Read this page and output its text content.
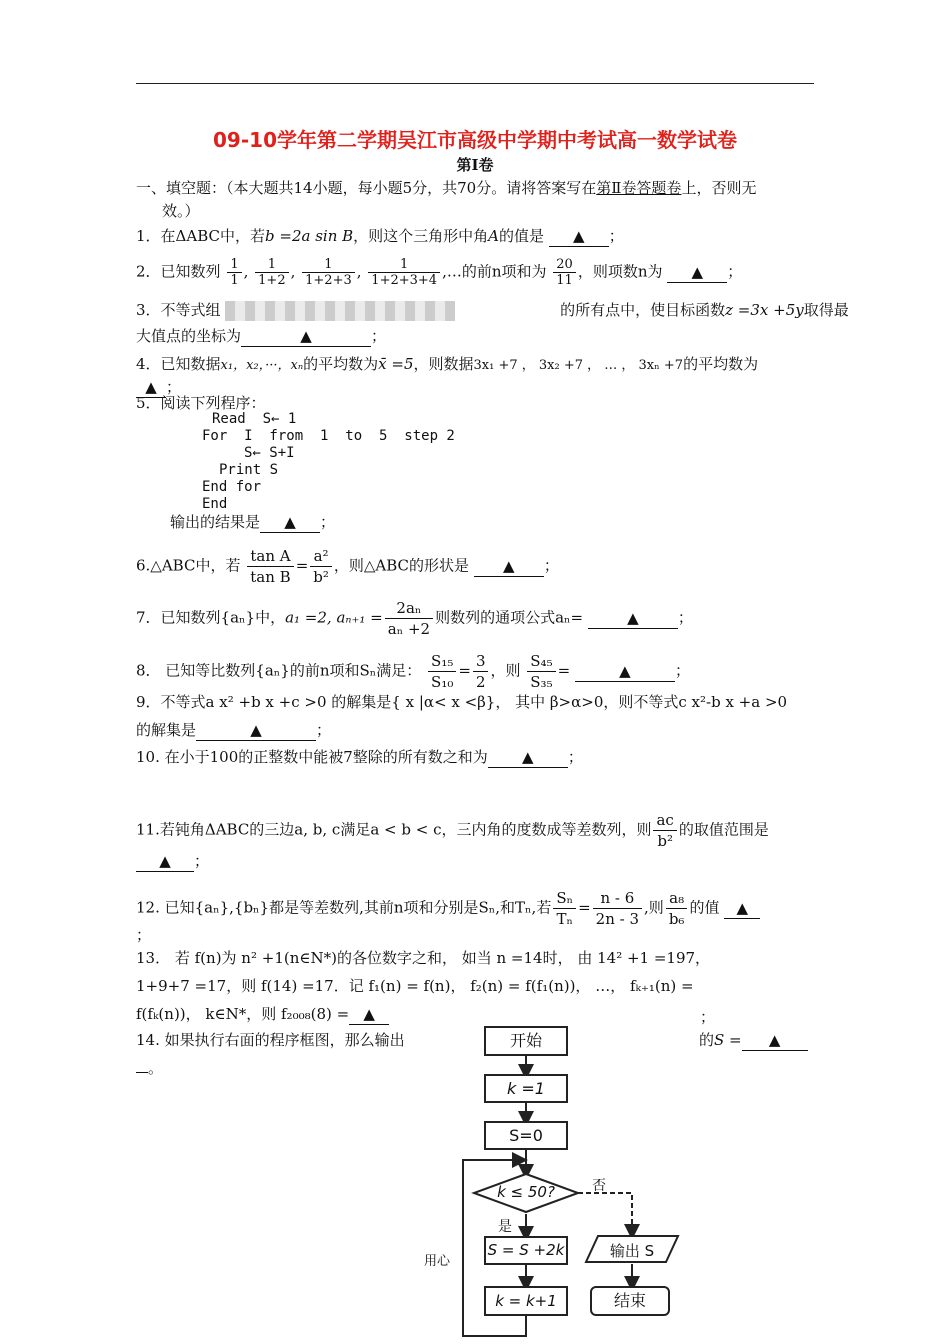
09-10学年第二学期吴江市高级中学期中考试高一数学试卷
第Ⅰ卷
一、填空题：（本大题共14小题，每小题5分，共70分。请将答案写在第Ⅱ卷答题卷上，否则无
效。）
1．在ΔABC中，若b =2a sin B，则这个三角形中角A的值是 ▲ ；
2．已知数列 $\frac{1}{1}$ , $\frac{1}{1+2}$ , $\frac{1}{1+2+3}$ , $\frac{1}{1+2+3+4}$ ,…的前n项和为 $\frac{20}{11}$ ，则项数n为 ▲ ；
3．不等式组	的所有点中，使目标函数z =3x +5y取得最
大值点的坐标为	▲	；
4．已知数据x₁，x₂，···，xₙ的平均数为x̄ =5，则数据3x₁ +7 ， 3x₂ +7 ， … ， 3xₙ +7的平均数为
▲ ；
5．阅读下列程序：
Read  S← 1
For  I  from  1  to  5  step 2
S← S+I
Print S
End for
End
输出的结果是 ▲ ；
6.△ABC中，若 $\frac{\text{tan A}}{\text{tan B}} = \frac{\text{a²}}{\text{b²}}$ ，则△ABC的形状是 ▲ ；
7．已知数列{aₙ}中，a₁ =2, $a_{n+1} = \frac{\text{2aₙ}}{\text{aₙ +2}}$ 则数列的通项公式aₙ=	▲	；
8． 已知等比数列{aₙ}的前n项和Sₙ满足： $\frac{\text{S₁₅}}{\text{S₁₀}} = \frac{3}{2}$ ，则 $\frac{\text{S₄₅}}{\text{S₃₅}}$ =	▲	；
9．不等式a x² +b x +c >0 的解集是{ x |α< x <β}， 其中 β>α>0，则不等式c x²-b x +a >0
的解集是	▲	；
10. 在小于100的正整数中能被7整除的所有数之和为 ▲ ；
11.若钝角ΔABC的三边a, b, c满足a < b < c，三内角的度数成等差数列，则 $\frac{ac}{\text{b²}}$ 的取值范围是
▲ ；
12. 已知{aₙ},{bₙ}都是等差数列,其前n项和分别是Sₙ,和Tₙ,若 $\frac{\text{Sₙ}}{\text{Tₙ}} = \frac{n - 6}{2n - 3}$ ,则 $\frac{\text{a₈}}{\text{b₆}}$ 的值 ▲
；
13． 若 f(n)为 n² +1(n∈N*)的各位数字之和， 如当 n =14时， 由 14² +1 =197，
1+9+7 =17，则 f(14) =17．记 f₁(n) = f(n)， f₂(n) = f(f₁(n))， …， fₖ₊₁(n) =
f(fₖ(n))， k∈N*，则 f₂₀₀₈(8) = ▲	；
14. 如果执行右面的程序框图，那么输出	的S = ▲
。
开始
k =1
S=0
k ≤ 50?	否
是
S = S +2k	输出 S
k = k+1	结束
用心
